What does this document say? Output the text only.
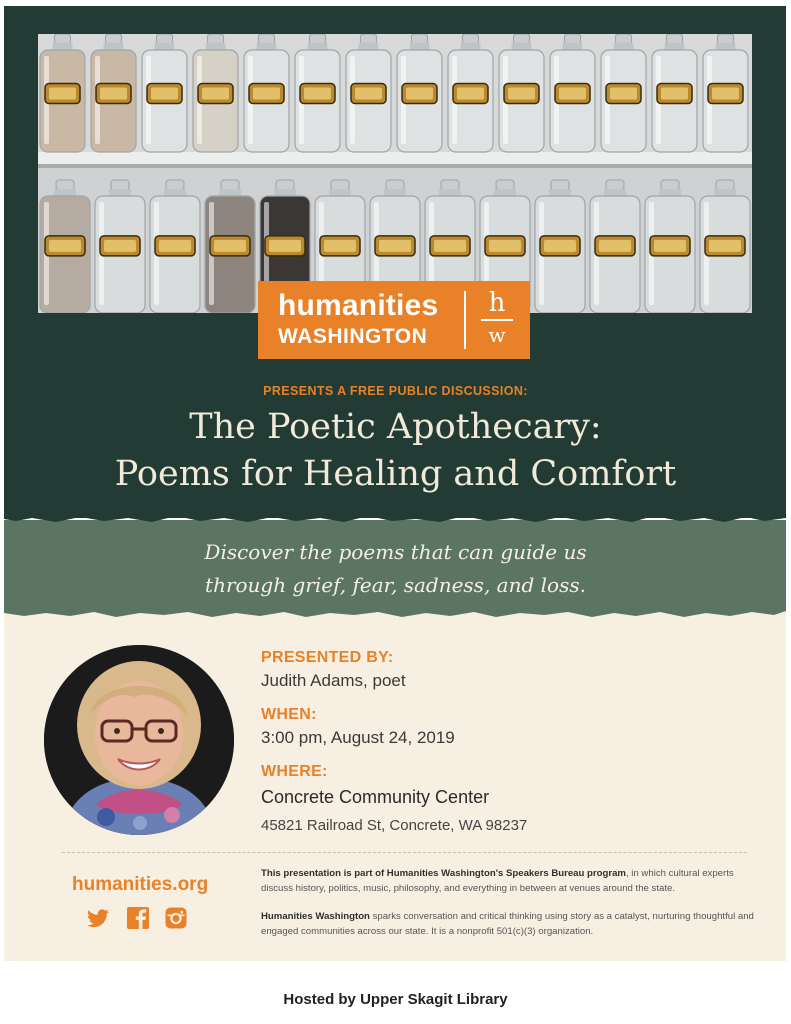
humanities
WASHINGTON
h
w
PRESENTS A FREE PUBLIC DISCUSSION:
The Poetic Apothecary:
Poems for Healing and Comfort
Discover the poems that can guide us
through grief, fear, sadness, and loss.
PRESENTED BY:
Judith Adams, poet
WHEN:
3:00 pm, August 24, 2019
WHERE:
Concrete Community Center
45821 Railroad St, Concrete, WA 98237
humanities.org
This presentation is part of Humanities Washington's Speakers Bureau program, in which cultural experts discuss history, politics, music, philosophy, and everything in between at venues around the state.
Humanities Washington sparks conversation and critical thinking using story as a catalyst, nurturing thoughtful and engaged communities across our state. It is a nonprofit 501(c)(3) organization.
Hosted by Upper Skagit Library
